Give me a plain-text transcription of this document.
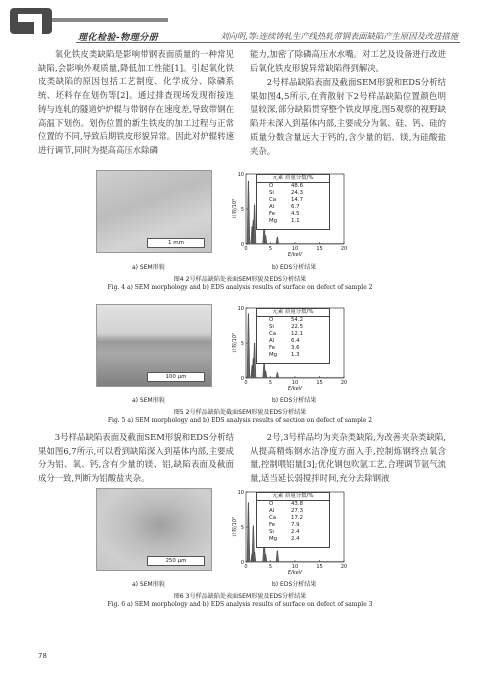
理化检验-物理分册	刘向明,等:连续铸轧生产线热轧带钢表面缺陷产生原因及改进措施

氧化铁皮类缺陷是影响带钢表面质量的一种常见缺陷,会影响外观质量,降低加工性能[1]。引起氧化铁皮类缺陷的原因包括工艺制度、化学成分、除磷系统、坯料存在划伤等[2]。通过排查现场发现衔接连铸与连轧的隧道炉炉辊与带钢存在速度差,导致带钢在高温下划伤。划伤位置的新生铁皮的加工过程与正常位置的不同,导致后期铁皮形貌异常。因此对炉辊转速进行调节,同时为提高高压水除磷

能力,加密了除磷高压水水嘴。对工艺及设备进行改进后氧化铁皮形貌异常缺陷得到解决。

2号样品缺陷表面及截面SEM形貌和EDS分析结果如图4,5所示,在背散射下2号样品缺陷位置颜色明显较深,部分缺陷贯穿整个铁皮厚度,图5观察的视野缺陷并未深入到基体内部,主要成分为氧、硅、钙、硅的质量分数含量远大于钙的,含少量的铝、镁,为硅酸盐夹杂。

1 mm
0	5	10	15	20
0
5
10
E/keV
计数/10³
元素 质量分数/%
O	48.6
Si	24.3
Ca	14.7
Al	6.7
Fe	4.5
Mg	1.1
a) SEM形貌	b) EDS分析结果
图4 2号样品缺陷处表面SEM形貌及EDS分析结果
Fig. 4 a) SEM morphology and b) EDS analysis results of surface on defect of sample 2
100 μm
0	5	10	15	20
0
5
10
E/keV
计数/10³
元素 质量分数/%
O	54.2
Si	22.5
Ca	12.1
Al	6.4
Fe	3.6
Mg	1.3
a) SEM形貌	b) EDS分析结果
图5 2号样品缺陷处截面SEM形貌及EDS分析结果
Fig. 5 a) SEM morphology and b) EDS analysis results of section on defect of sample 2

3号样品缺陷表面及截面SEM形貌和EDS分析结果如图6,7所示,可以看到缺陷深入到基体内部,主要成分为铝、氧、钙,含有少量的镁、铝,缺陷表面及截面成分一致,判断为铝酸盐夹杂。

2号,3号样品均为夹杂类缺陷,为改善夹杂类缺陷,从提高精炼钢水洁净度方面入手,控制炼钢终点氧含量,控制喂铝量[3];优化钢包吹氩工艺,合理调节氩气流量,适当延长弱搅拌时间,充分去除钢液

250 μm
0	5	10	15	20
0
5
10
E/keV
计数/10³
元素 质量分数/%
O	43.8
Al	27.3
Ca	17.2
Fe	7.9
Si	2.4
Mg	2.4
a) SEM形貌	b) EDS分析结果
图6 3号样品缺陷处表面SEM形貌及EDS分析结果
Fig. 6 a) SEM morphology and b) EDS analysis results of surface on defect of sample 3
78
